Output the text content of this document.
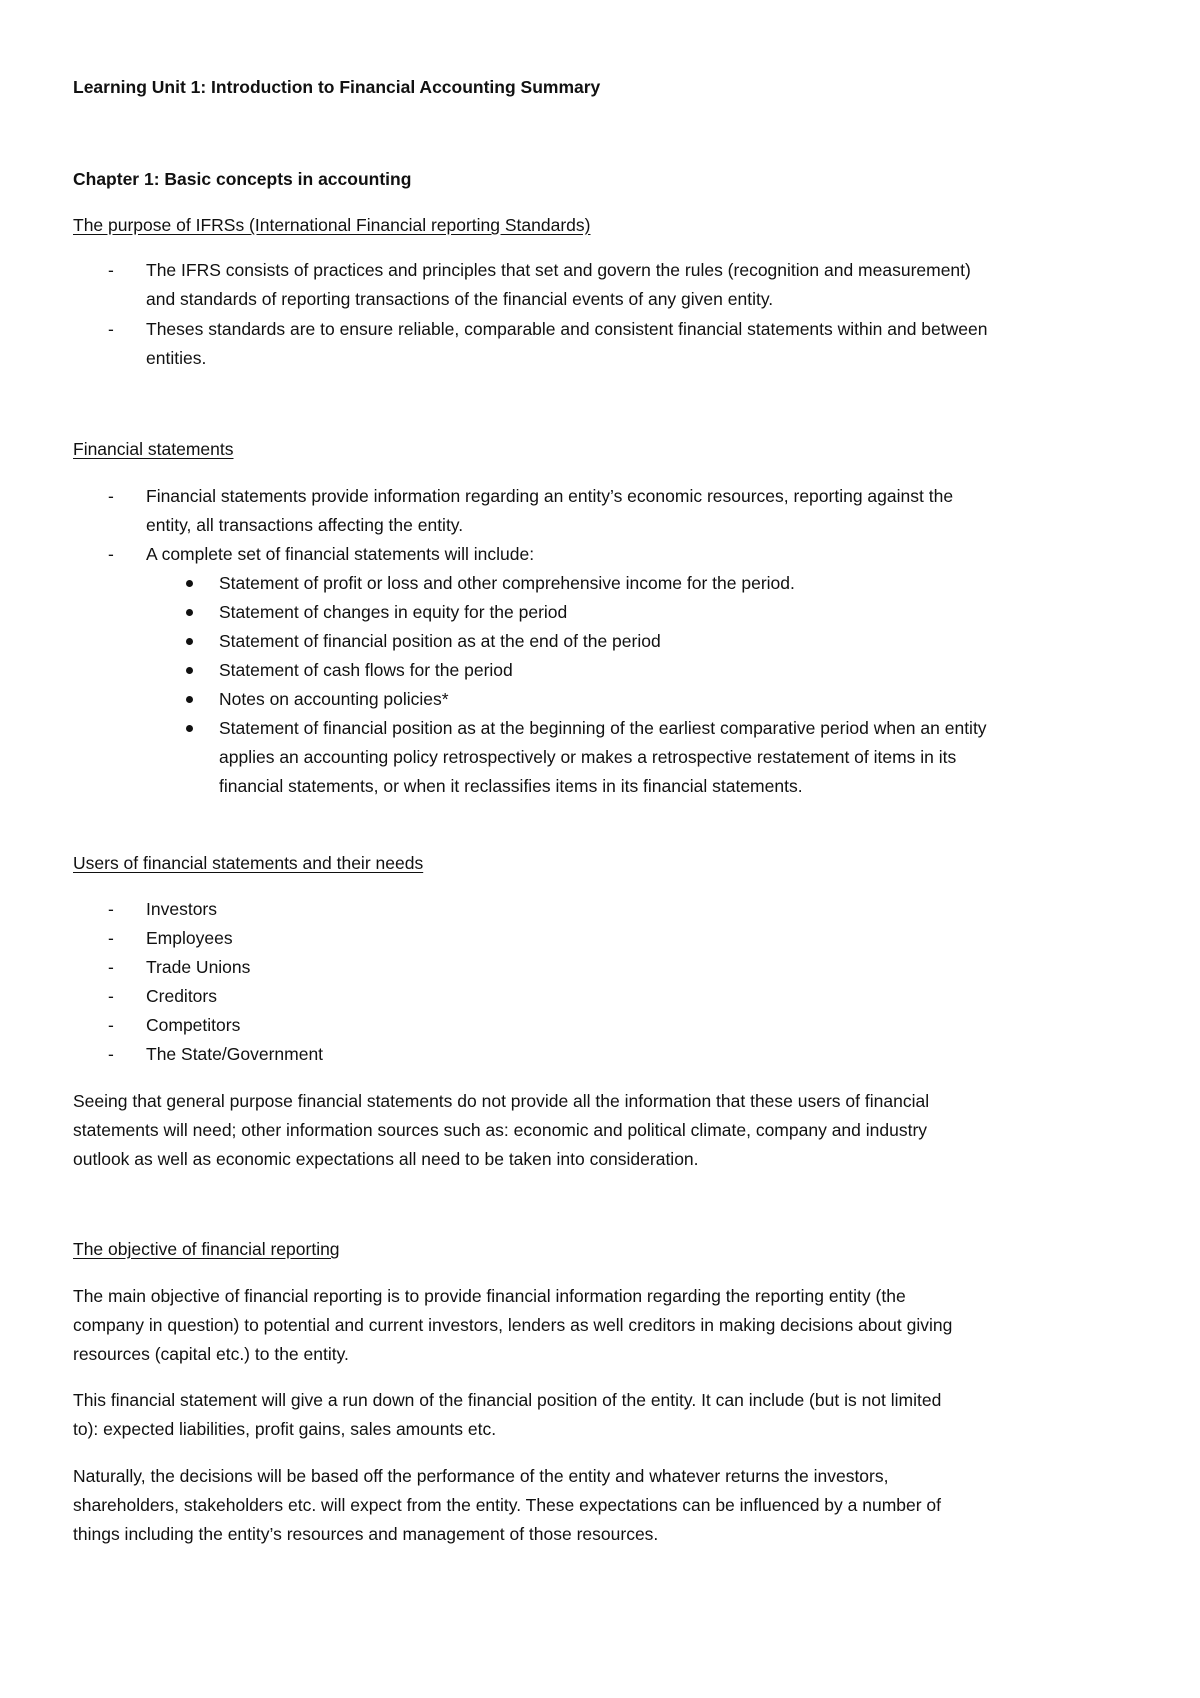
Learning Unit 1: Introduction to Financial Accounting Summary
Chapter 1: Basic concepts in accounting
The purpose of IFRSs (International Financial reporting Standards)
- The IFRS consists of practices and principles that set and govern the rules (recognition and measurement)
and standards of reporting transactions of the financial events of any given entity.
- Theses standards are to ensure reliable, comparable and consistent financial statements within and between
entities.
Financial statements
- Financial statements provide information regarding an entity’s economic resources, reporting against the
entity, all transactions affecting the entity.
- A complete set of financial statements will include:
Statement of profit or loss and other comprehensive income for the period.
Statement of changes in equity for the period
Statement of financial position as at the end of the period
Statement of cash flows for the period
Notes on accounting policies*
Statement of financial position as at the beginning of the earliest comparative period when an entity
applies an accounting policy retrospectively or makes a retrospective restatement of items in its
financial statements, or when it reclassifies items in its financial statements.
Users of financial statements and their needs
- Investors
- Employees
- Trade Unions
- Creditors
- Competitors
- The State/Government
Seeing that general purpose financial statements do not provide all the information that these users of financial
statements will need; other information sources such as: economic and political climate, company and industry
outlook as well as economic expectations all need to be taken into consideration.
The objective of financial reporting
The main objective of financial reporting is to provide financial information regarding the reporting entity (the
company in question) to potential and current investors, lenders as well creditors in making decisions about giving
resources (capital etc.) to the entity.
This financial statement will give a run down of the financial position of the entity. It can include (but is not limited
to): expected liabilities, profit gains, sales amounts etc.
Naturally, the decisions will be based off the performance of the entity and whatever returns the investors,
shareholders, stakeholders etc. will expect from the entity. These expectations can be influenced by a number of
things including the entity’s resources and management of those resources.
